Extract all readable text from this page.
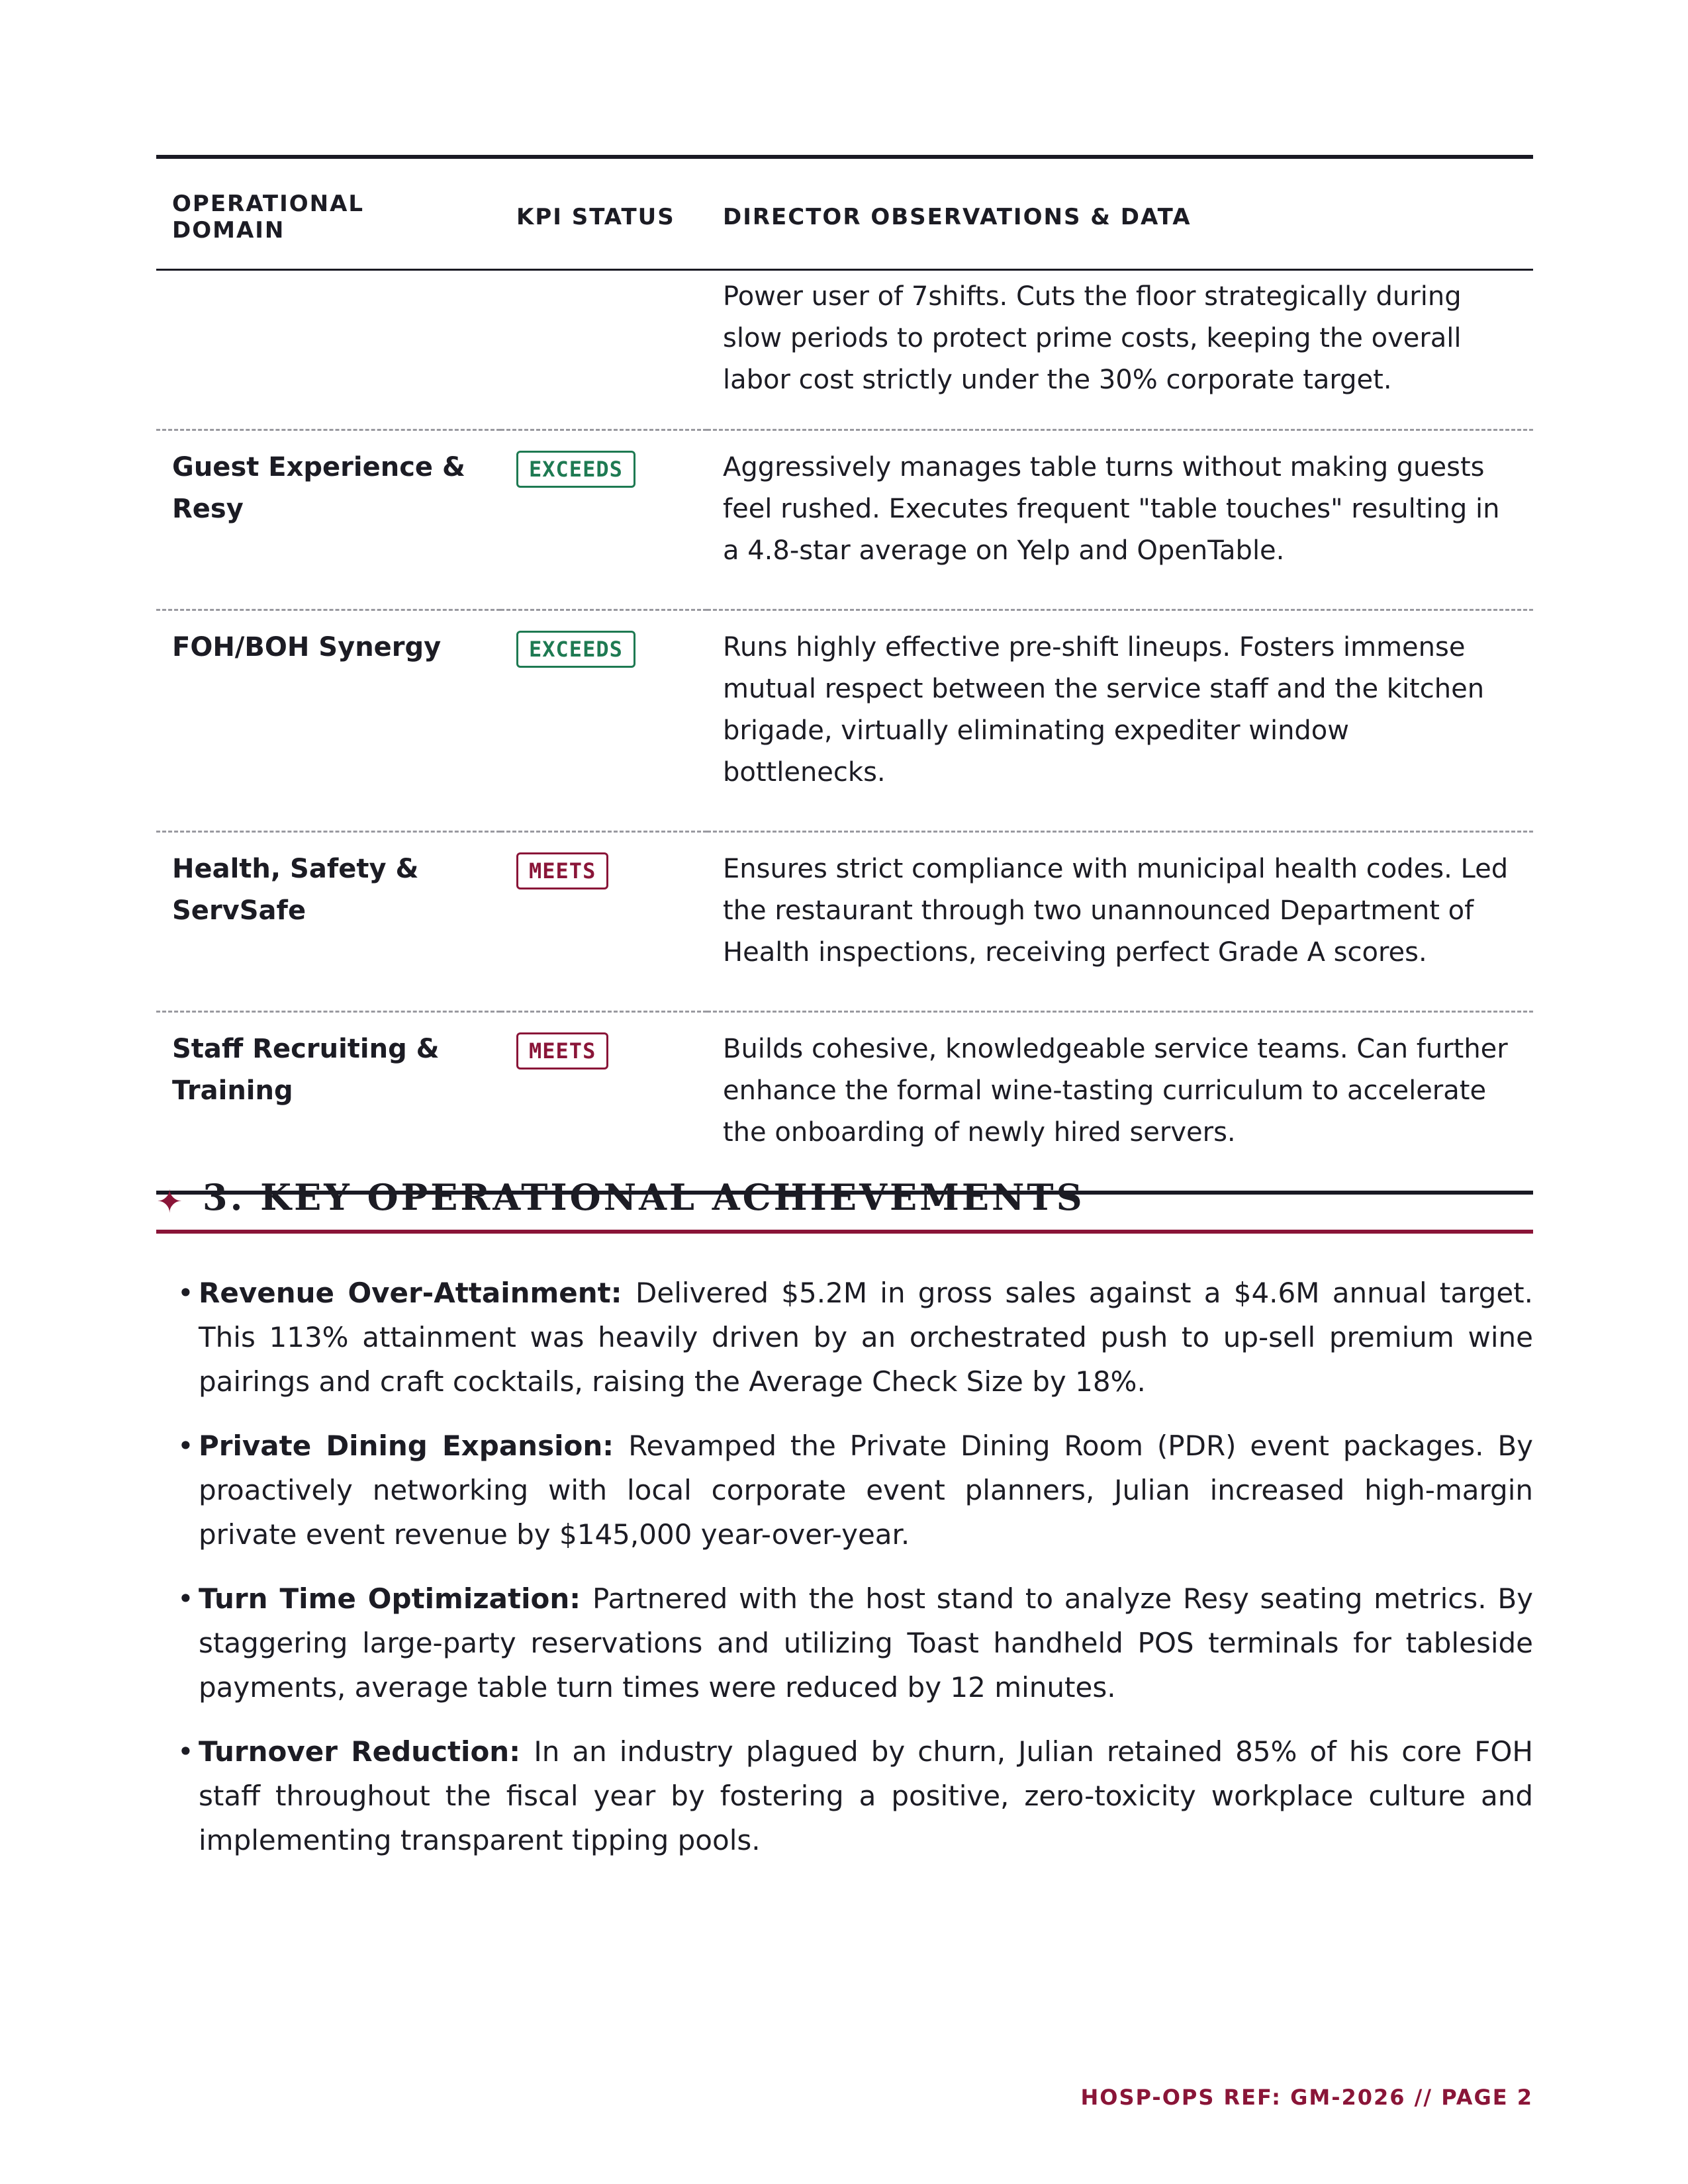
OPERATIONAL DOMAIN	KPI STATUS	DIRECTOR OBSERVATIONS & DATA
		Power user of 7shifts. Cuts the floor strategically during slow periods to protect prime costs, keeping the overall labor cost strictly under the 30% corporate target.
Guest Experience & Resy	EXCEEDS	Aggressively manages table turns without making guests feel rushed. Executes frequent "table touches" resulting in a 4.8-star average on Yelp and OpenTable.
FOH/BOH Synergy	EXCEEDS	Runs highly effective pre-shift lineups. Fosters immense mutual respect between the service staff and the kitchen brigade, virtually eliminating expediter window bottlenecks.
Health, Safety & ServSafe	MEETS	Ensures strict compliance with municipal health codes. Led the restaurant through two unannounced Department of Health inspections, receiving perfect Grade A scores.
Staff Recruiting & Training	MEETS	Builds cohesive, knowledgeable service teams. Can further enhance the formal wine-tasting curriculum to accelerate the onboarding of newly hired servers.
✦ 3. KEY OPERATIONAL ACHIEVEMENTS
• Revenue Over-Attainment: Delivered $5.2M in gross sales against a $4.6M annual target. This 113% attainment was heavily driven by an orchestrated push to up-sell premium wine pairings and craft cocktails, raising the Average Check Size by 18%.
• Private Dining Expansion: Revamped the Private Dining Room (PDR) event packages. By proactively networking with local corporate event planners, Julian increased high-margin private event revenue by $145,000 year-over-year.
• Turn Time Optimization: Partnered with the host stand to analyze Resy seating metrics. By staggering large-party reservations and utilizing Toast handheld POS terminals for tableside payments, average table turn times were reduced by 12 minutes.
• Turnover Reduction: In an industry plagued by churn, Julian retained 85% of his core FOH staff throughout the fiscal year by fostering a positive, zero-toxicity workplace culture and implementing transparent tipping pools.
HOSP-OPS REF: GM-2026 // PAGE 2
